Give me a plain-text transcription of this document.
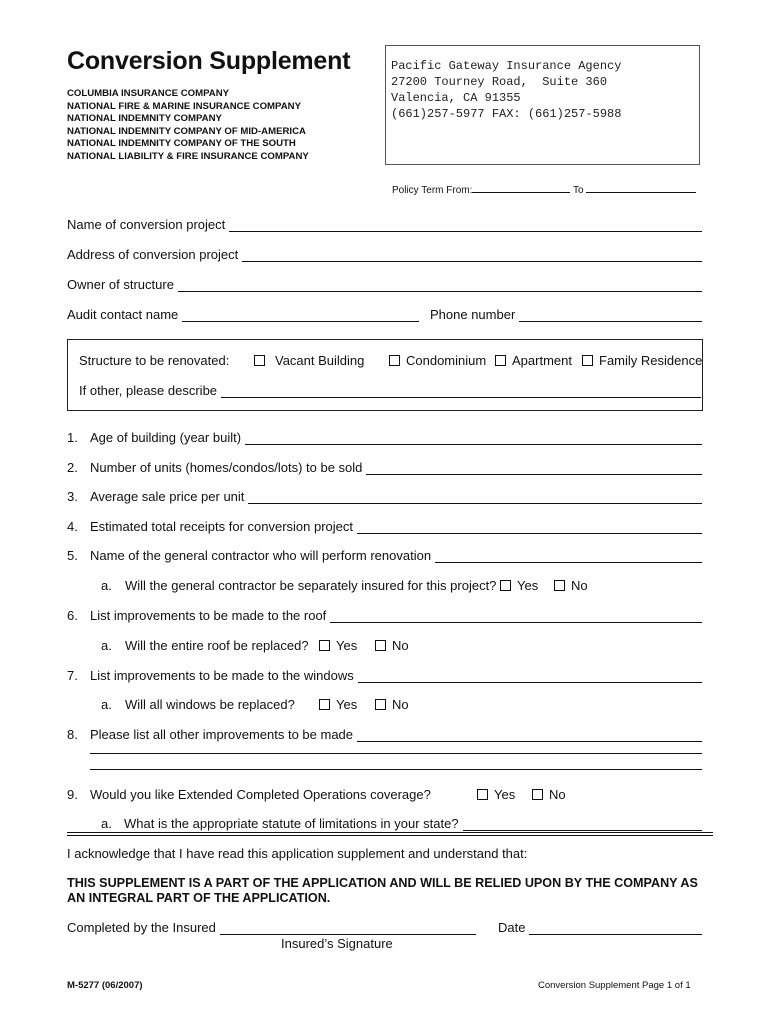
Conversion Supplement
COLUMBIA INSURANCE COMPANY
NATIONAL FIRE & MARINE INSURANCE COMPANY
NATIONAL INDEMNITY COMPANY
NATIONAL INDEMNITY COMPANY OF MID-AMERICA
NATIONAL INDEMNITY COMPANY OF THE SOUTH
NATIONAL LIABILITY & FIRE INSURANCE COMPANY
Pacific Gateway Insurance Agency
27200 Tourney Road,  Suite 360
Valencia, CA 91355
(661)257-5977 FAX: (661)257-5988
Policy Term From:	To
Name of conversion project
Address of conversion project
Owner of structure
Audit contact name	Phone number
Structure to be renovated:	Vacant Building	Condominium Apartment Family Residence
If other, please describe
1. Age of building (year built)
2. Number of units (homes/condos/lots) to be sold
3. Average sale price per unit
4. Estimated total receipts for conversion project
5. Name of the general contractor who will perform renovation
a.	Will the general contractor be separately insured for this project? Yes	No
6. List improvements to be made to the roof
a.	Will the entire roof be replaced? Yes	No
7. List improvements to be made to the windows
a.	Will all windows be replaced?	Yes	No
8. Please list all other improvements to be made
9. Would you like Extended Completed Operations coverage?	Yes	No
a. What is the appropriate statute of limitations in your state?
I acknowledge that I have read this application supplement and understand that:
THIS SUPPLEMENT IS A PART OF THE APPLICATION AND WILL BE RELIED UPON BY THE COMPANY AS AN INTEGRAL PART OF THE APPLICATION.
Completed by the Insured	Date
Insured’s Signature
M-5277 (06/2007)	Conversion Supplement Page 1 of 1
